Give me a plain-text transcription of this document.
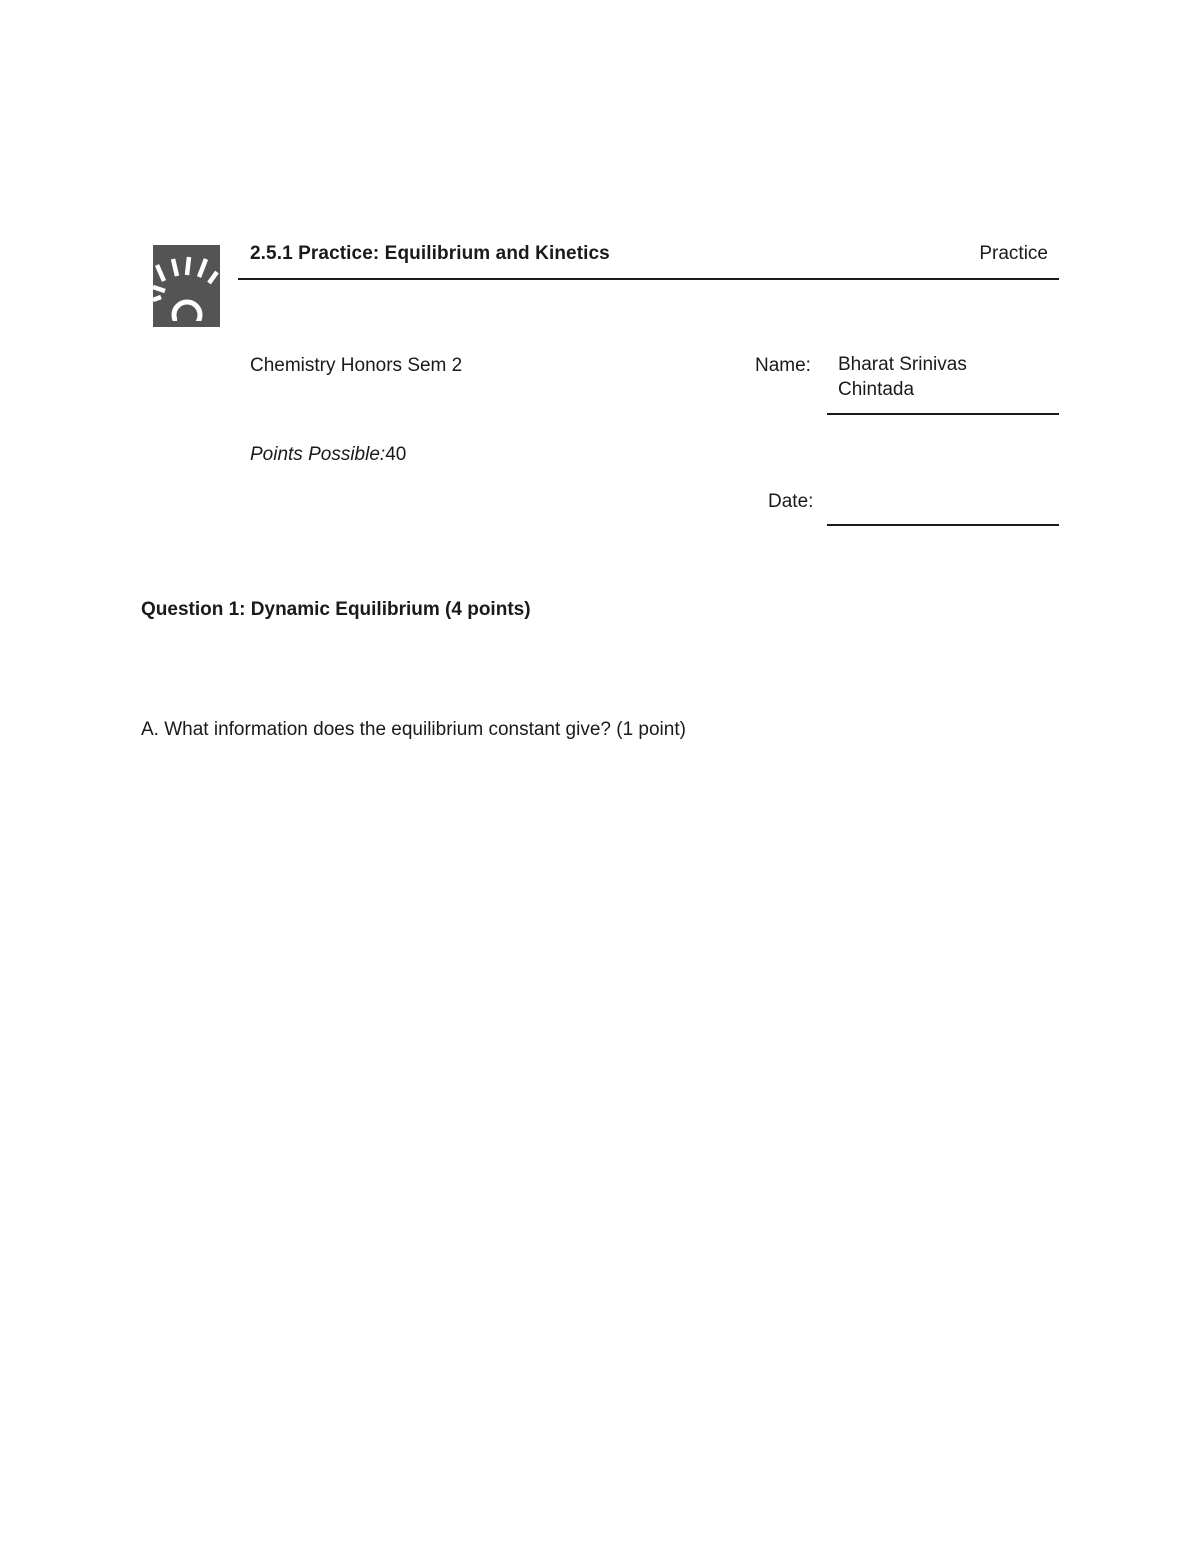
2.5.1 Practice: Equilibrium and Kinetics	Practice
Chemistry Honors Sem 2	Name: Bharat Srinivas Chintada
Points Possible:40
Date:
Question 1: Dynamic Equilibrium (4 points)
A. What information does the equilibrium constant give? (1 point)
